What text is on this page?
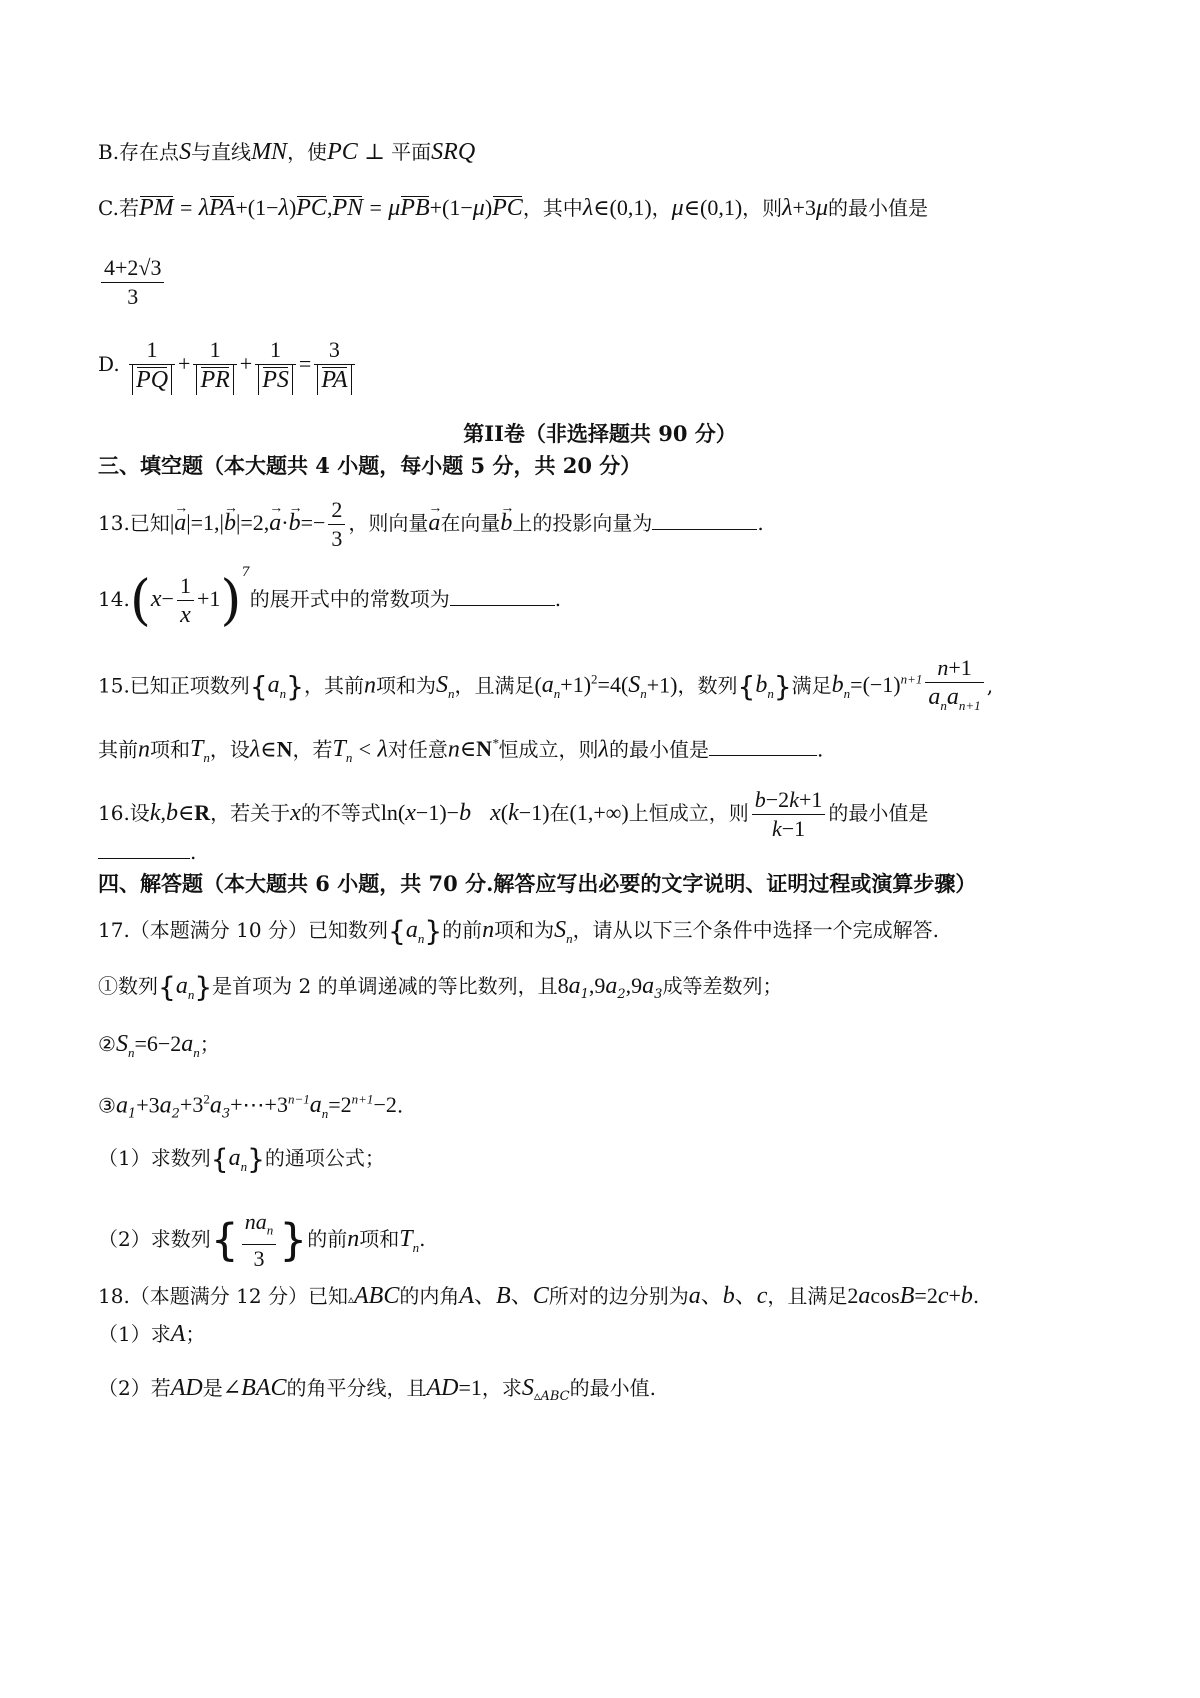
B.存在点S与直线MN，使PC ⊥ 平面SRQ
C.若PM = λPA+(1−λ)PC,PN = μPB+(1−μ)PC，其中λ∈(0,1)，μ∈(0,1)，则λ+3μ的最小值是
$\frac{4+2√3}{3}$
D. $\frac{1}{PQ} + \frac{1}{PR} + \frac{1}{PS} = \frac{3}{PA}$
第II卷（非选择题共 90 分）
三、填空题（本大题共 4 小题，每小题 5 分，共 20 分）
13.已知|→ $a|=1,|\to b|=2,\to a\cdot\to b=- \frac{2}{3}$ ，则向量→ a在向量→ b上的投影向量为	.
$14.(x- \frac{1}{x} +1)^7$的展开式中的常数项为	.
15.已知正项数列$\{a_n\}$，其前n项和为$S_n$，且满足$(a_n+1)^2=4(S_n+1)$，数列$\{b_n\}$满足$b_n=(-1)^{n+1} \frac{n+1}{a_na_{n+1}}$ ,
其前n项和$T_n$，设λ∈N，若$T_n < \lambda$对任意n∈N*恒成立，则λ的最小值是	.
16.设k,b∈R，若关于x的不等式ln(x−1)−b x(k−1)在(1,+∞)上恒成立，则 $\frac{b-2k+1}{k-1}$ 的最小值是
.
四、解答题（本大题共 6 小题，共 70 分.解答应写出必要的文字说明、证明过程或演算步骤）
17.（本题满分 10 分）已知数列$\{a_n\}$的前n项和为$S_n$，请从以下三个条件中选择一个完成解答.
①数列$\{a_n\}$是首项为 2 的单调递减的等比数列，且$8a_1,9a_2,9a_3$成等差数列；
$②S_n=6-2a_n$；
$③a_1+3a_2+3^2a_3+\cdots+3^{n-1}a_n=2^{n+1}-2$.
（1）求数列$\{a_n\}$的通项公式；
（2）求数列{ $\frac{na_n}{3}$ }的前n项和$T_n$.
18.（本题满分 12 分）已知▵ABC的内角A、B、C所对的边分别为a、b、c，且满足2acosB=2c+b.
（1）求A；
（2）若AD是∠BAC的角平分线，且AD=1，求$S_{▵ABC}$的最小值.
